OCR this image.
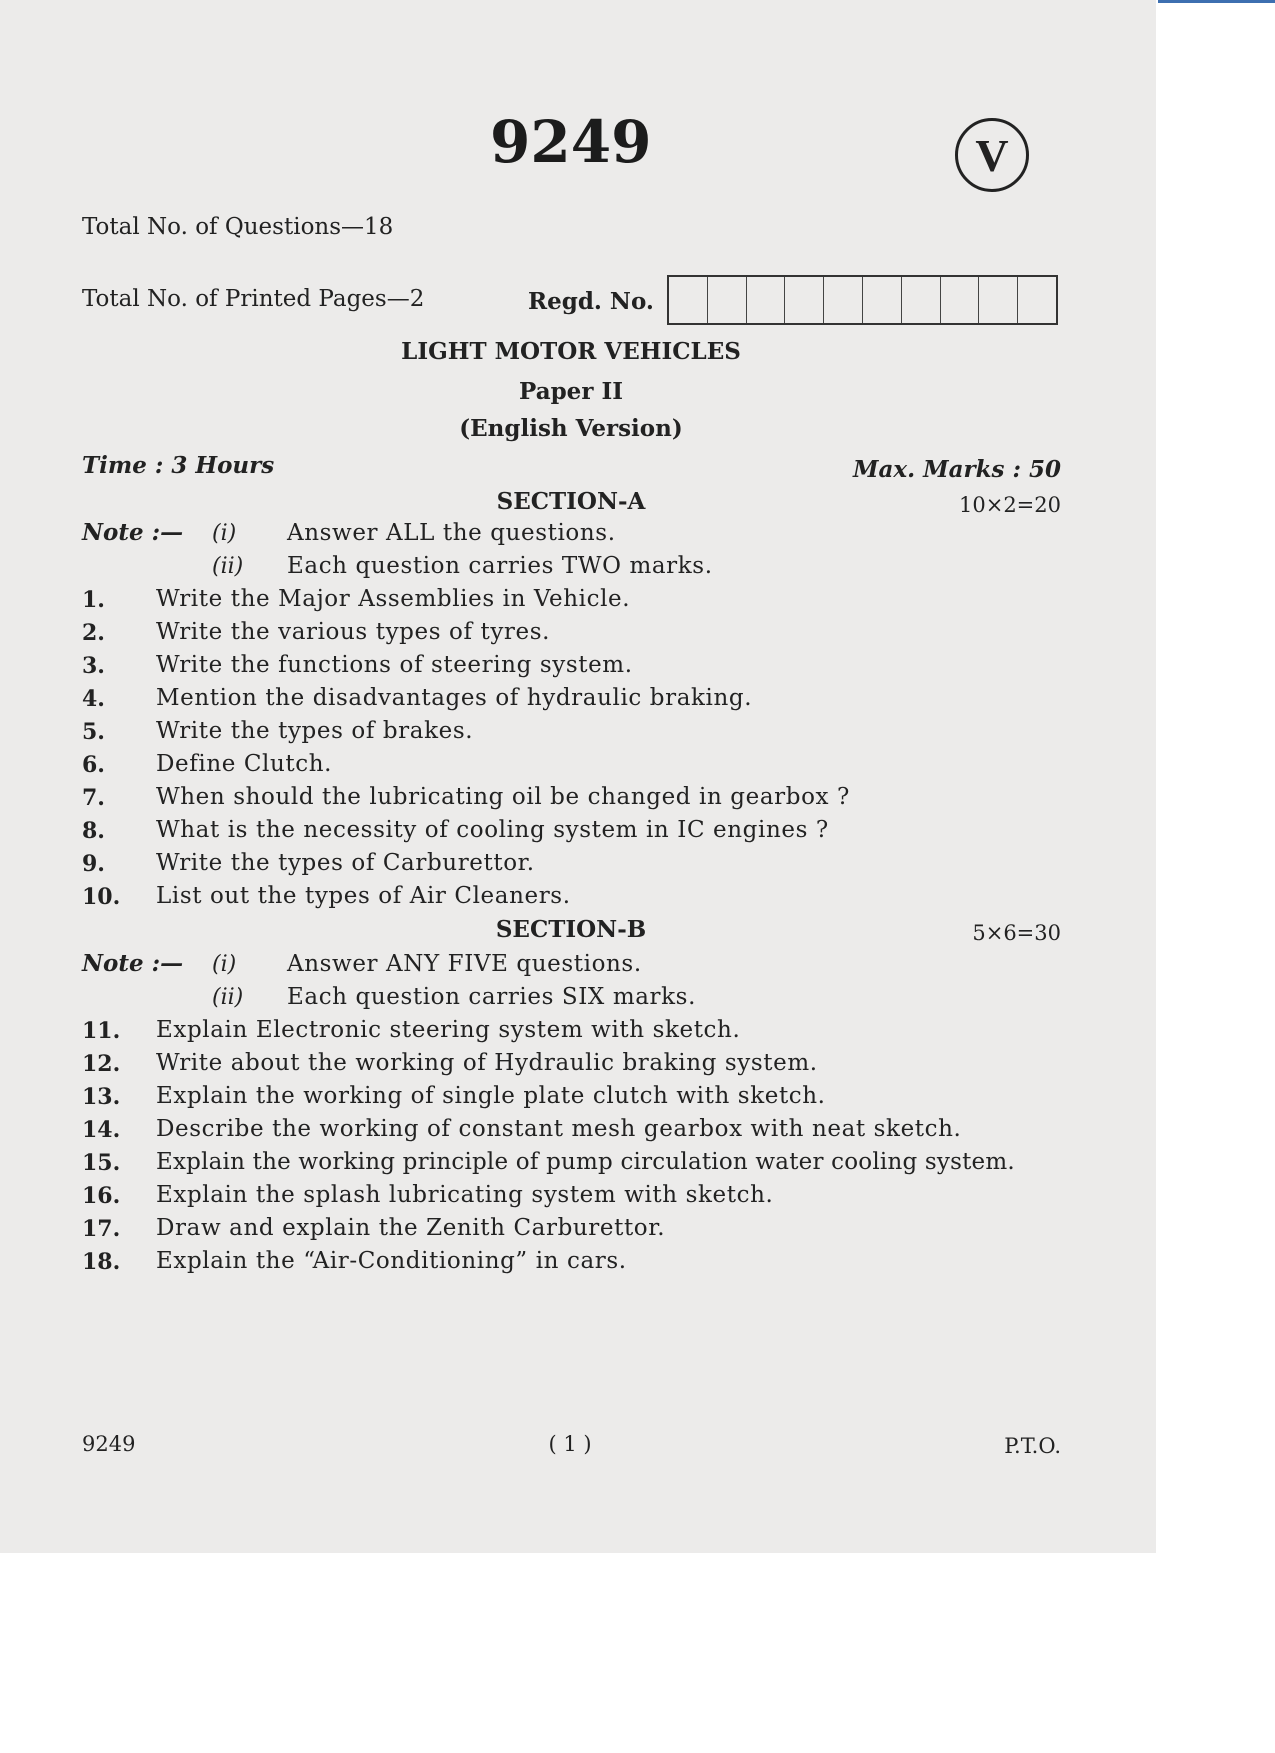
9249	V
Total No. of Questions—18
Total No. of Printed Pages—2	Regd. No.
LIGHT MOTOR VEHICLES
Paper II
(English Version)
Time : 3 Hours	Max. Marks : 50
SECTION-A	10×2=20
Note :— (i) Answer ALL the questions.
(ii) Each question carries TWO marks.
1. Write the Major Assemblies in Vehicle.
2. Write the various types of tyres.
3. Write the functions of steering system.
4. Mention the disadvantages of hydraulic braking.
5. Write the types of brakes.
6. Define Clutch.
7. When should the lubricating oil be changed in gearbox ?
8. What is the necessity of cooling system in IC engines ?
9. Write the types of Carburettor.
10. List out the types of Air Cleaners.
SECTION-B	5×6=30
Note :— (i) Answer ANY FIVE questions.
(ii) Each question carries SIX marks.
11. Explain Electronic steering system with sketch.
12. Write about the working of Hydraulic braking system.
13. Explain the working of single plate clutch with sketch.
14. Describe the working of constant mesh gearbox with neat sketch.
15. Explain the working principle of pump circulation water cooling system.
16. Explain the splash lubricating system with sketch.
17. Draw and explain the Zenith Carburettor.
18. Explain the “Air-Conditioning” in cars.
9249	( 1 )	P.T.O.
